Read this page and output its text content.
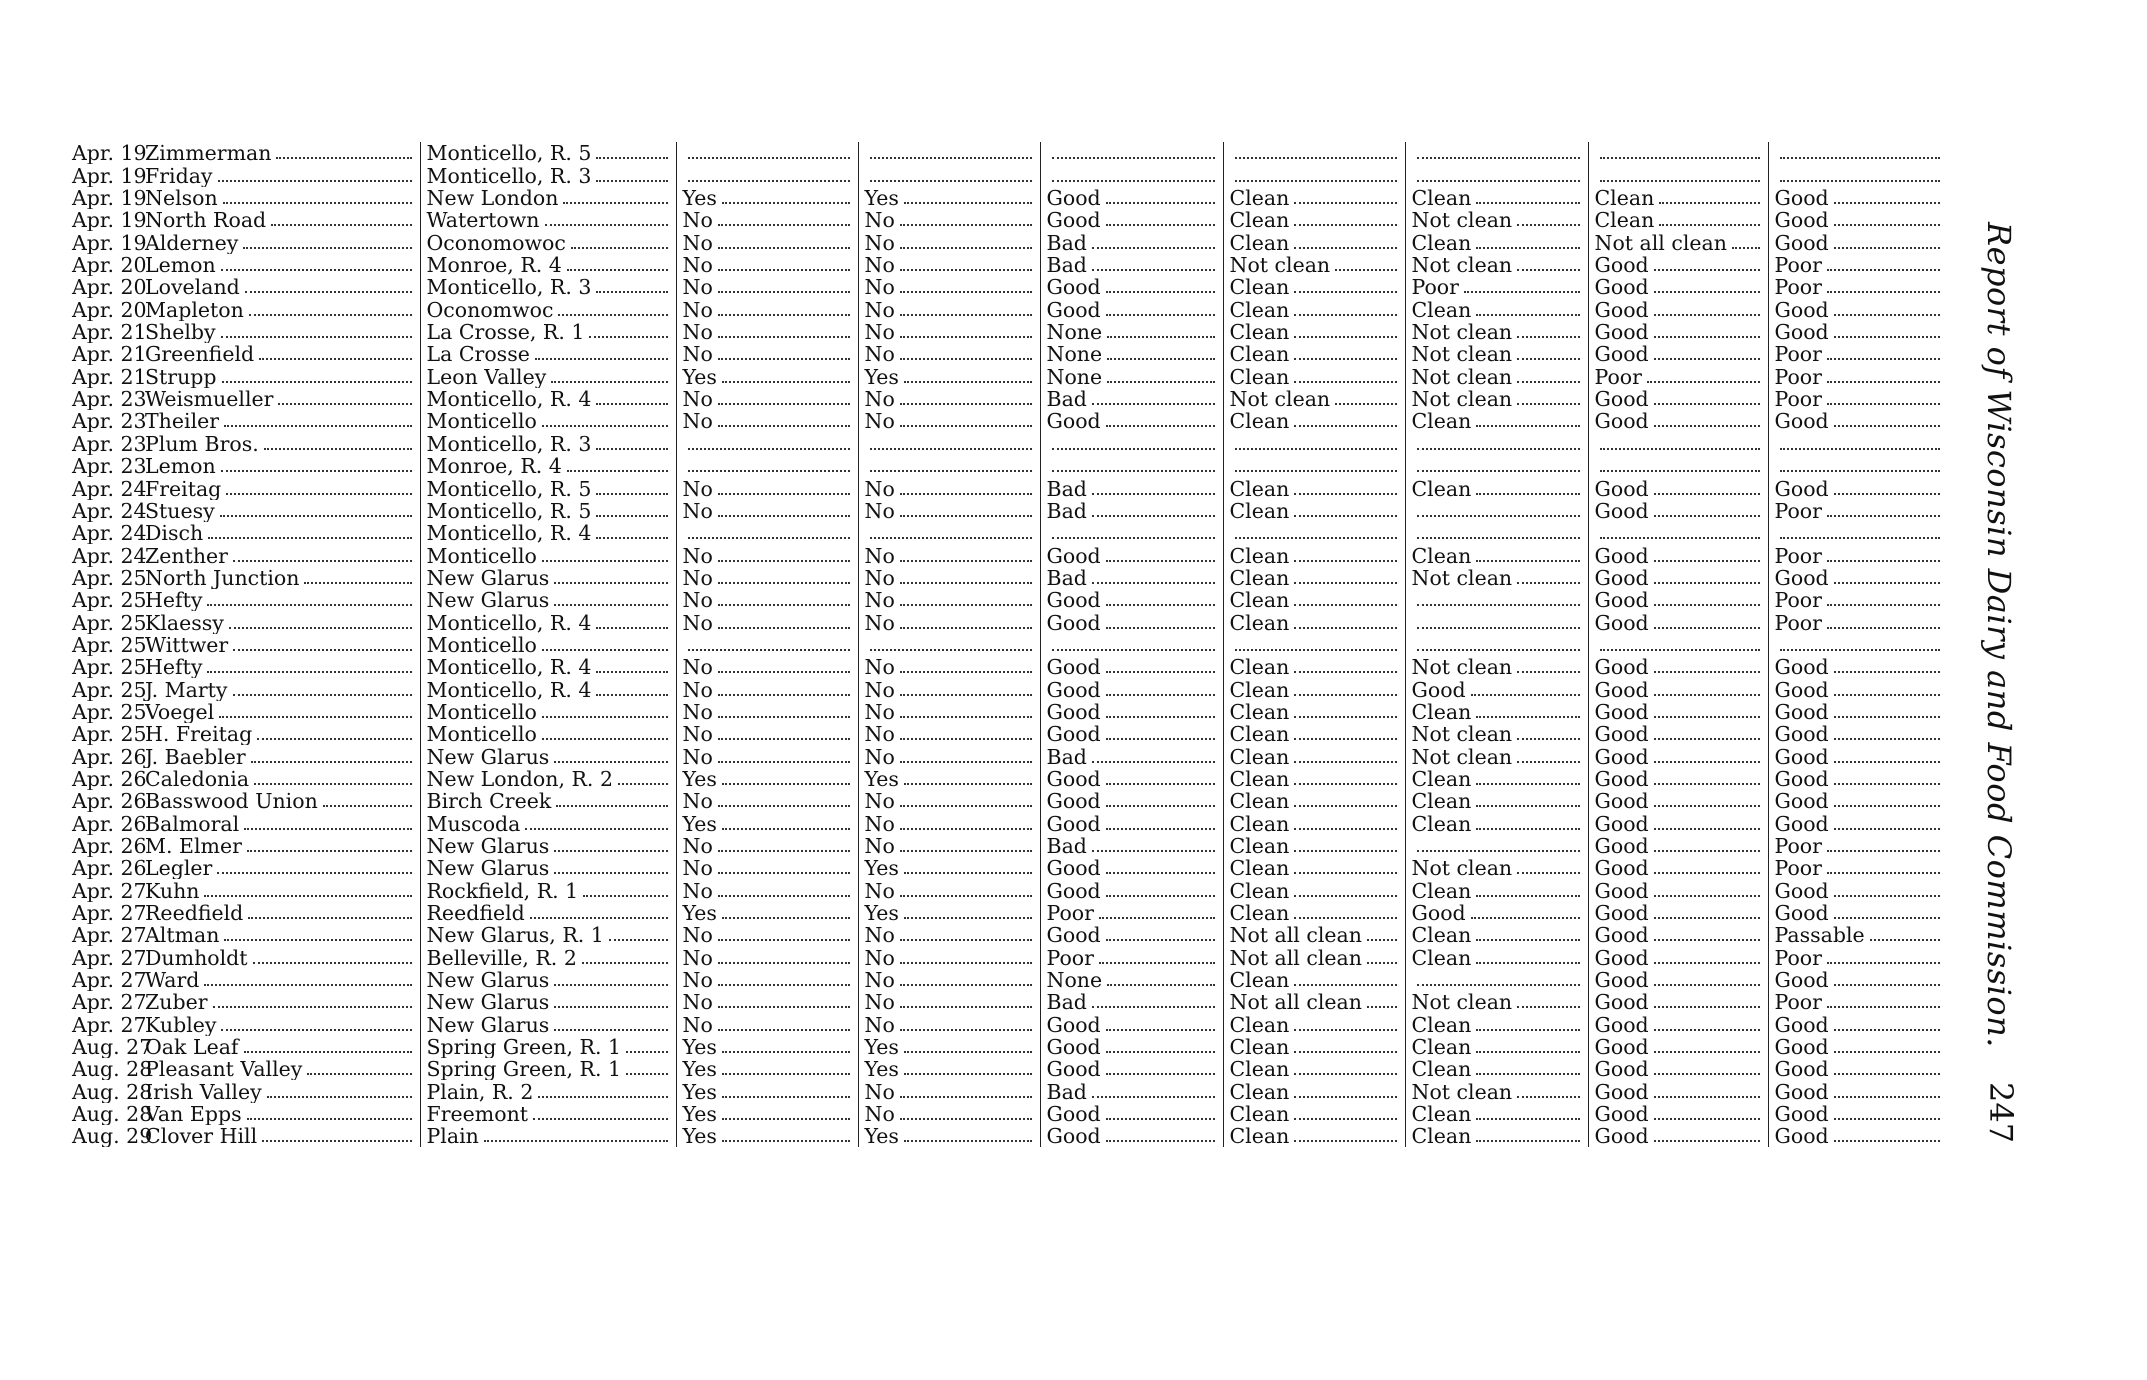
Apr. 19Zimmerman	Monticello, R. 5							

Apr. 19Friday	Monticello, R. 3							

Apr. 19Nelson	New London	Yes	Yes	Good	Clean	Clean	Clean	Good

Apr. 19North Road	Watertown	No	No	Good	Clean	Not clean	Clean	Good

Apr. 19Alderney	Oconomowoc	No	No	Bad	Clean	Clean	Not all clean	Good

Apr. 20Lemon	Monroe, R. 4	No	No	Bad	Not clean	Not clean	Good	Poor

Apr. 20Loveland	Monticello, R. 3	No	No	Good	Clean	Poor	Good	Poor

Apr. 20Mapleton	Oconomwoc	No	No	Good	Clean	Clean	Good	Good

Apr. 21Shelby	La Crosse, R. 1	No	No	None	Clean	Not clean	Good	Good

Apr. 21Greenfield	La Crosse	No	No	None	Clean	Not clean	Good	Poor

Apr. 21Strupp	Leon Valley	Yes	Yes	None	Clean	Not clean	Poor	Poor

Apr. 23Weismueller	Monticello, R. 4	No	No	Bad	Not clean	Not clean	Good	Poor

Apr. 23Theiler	Monticello	No	No	Good	Clean	Clean	Good	Good

Apr. 23Plum Bros.	Monticello, R. 3							

Apr. 23Lemon	Monroe, R. 4							

Apr. 24Freitag	Monticello, R. 5	No	No	Bad	Clean	Clean	Good	Good

Apr. 24Stuesy	Monticello, R. 5	No	No	Bad	Clean		Good	Poor

Apr. 24Disch	Monticello, R. 4							

Apr. 24Zenther	Monticello	No	No	Good	Clean	Clean	Good	Poor

Apr. 25North Junction	New Glarus	No	No	Bad	Clean	Not clean	Good	Good

Apr. 25Hefty	New Glarus	No	No	Good	Clean		Good	Poor

Apr. 25Klaessy	Monticello, R. 4	No	No	Good	Clean		Good	Poor

Apr. 25Wittwer	Monticello							

Apr. 25Hefty	Monticello, R. 4	No	No	Good	Clean	Not clean	Good	Good

Apr. 25J. Marty	Monticello, R. 4	No	No	Good	Clean	Good	Good	Good

Apr. 25Voegel	Monticello	No	No	Good	Clean	Clean	Good	Good

Apr. 25H. Freitag	Monticello	No	No	Good	Clean	Not clean	Good	Good

Apr. 26J. Baebler	New Glarus	No	No	Bad	Clean	Not clean	Good	Good

Apr. 26Caledonia	New London, R. 2	Yes	Yes	Good	Clean	Clean	Good	Good

Apr. 26Basswood Union	Birch Creek	No	No	Good	Clean	Clean	Good	Good

Apr. 26Balmoral	Muscoda	Yes	No	Good	Clean	Clean	Good	Good

Apr. 26M. Elmer	New Glarus	No	No	Bad	Clean		Good	Poor

Apr. 26Legler	New Glarus	No	Yes	Good	Clean	Not clean	Good	Poor

Apr. 27Kuhn	Rockfield, R. 1	No	No	Good	Clean	Clean	Good	Good

Apr. 27Reedfield	Reedfield	Yes	Yes	Poor	Clean	Good	Good	Good

Apr. 27Altman	New Glarus, R. 1	No	No	Good	Not all clean	Clean	Good	Passable

Apr. 27Dumholdt	Belleville, R. 2	No	No	Poor	Not all clean	Clean	Good	Poor

Apr. 27Ward	New Glarus	No	No	None	Clean		Good	Good

Apr. 27Zuber	New Glarus	No	No	Bad	Not all clean	Not clean	Good	Poor

Apr. 27Kubley	New Glarus	No	No	Good	Clean	Clean	Good	Good

Aug. 27Oak Leaf	Spring Green, R. 1	Yes	Yes	Good	Clean	Clean	Good	Good

Aug. 28Pleasant Valley	Spring Green, R. 1	Yes	Yes	Good	Clean	Clean	Good	Good

Aug. 28Irish Valley	Plain, R. 2	Yes	No	Bad	Clean	Not clean	Good	Good

Aug. 28Van Epps	Freemont	Yes	No	Good	Clean	Clean	Good	Good

Aug. 29Clover Hill	Plain	Yes	Yes	Good	Clean	Clean	Good	Good
Report of Wisconsin Dairy and Food Commission.
247
